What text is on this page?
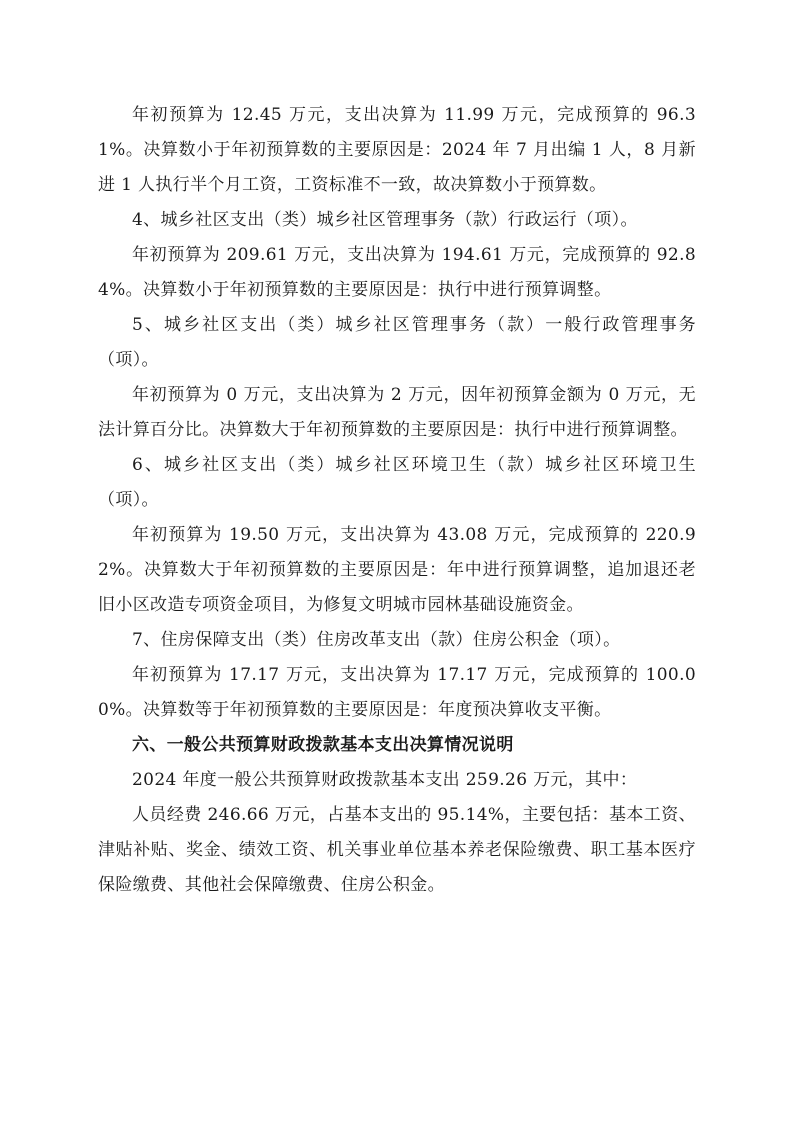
年初预算为 12.45 万元，支出决算为 11.99 万元，完成预算的 96.31%。决算数小于年初预算数的主要原因是：2024 年 7 月出编 1 人，8 月新进 1 人执行半个月工资，工资标准不一致，故决算数小于预算数。

4、城乡社区支出（类）城乡社区管理事务（款）行政运行（项）。

年初预算为 209.61 万元，支出决算为 194.61 万元，完成预算的 92.84%。决算数小于年初预算数的主要原因是：执行中进行预算调整。

5、城乡社区支出（类）城乡社区管理事务（款）一般行政管理事务（项）。

年初预算为 0 万元，支出决算为 2 万元，因年初预算金额为 0 万元，无法计算百分比。决算数大于年初预算数的主要原因是：执行中进行预算调整。

6、城乡社区支出（类）城乡社区环境卫生（款）城乡社区环境卫生（项）。

年初预算为 19.50 万元，支出决算为 43.08 万元，完成预算的 220.92%。决算数大于年初预算数的主要原因是：年中进行预算调整，追加退还老旧小区改造专项资金项目，为修复文明城市园林基础设施资金。

7、住房保障支出（类）住房改革支出（款）住房公积金（项）。

年初预算为 17.17 万元，支出决算为 17.17 万元，完成预算的 100.00%。决算数等于年初预算数的主要原因是：年度预决算收支平衡。

六、一般公共预算财政拨款基本支出决算情况说明

2024 年度一般公共预算财政拨款基本支出 259.26 万元，其中：

人员经费 246.66 万元，占基本支出的 95.14%，主要包括：基本工资、津贴补贴、奖金、绩效工资、机关事业单位基本养老保险缴费、职工基本医疗保险缴费、其他社会保障缴费、住房公积金。
